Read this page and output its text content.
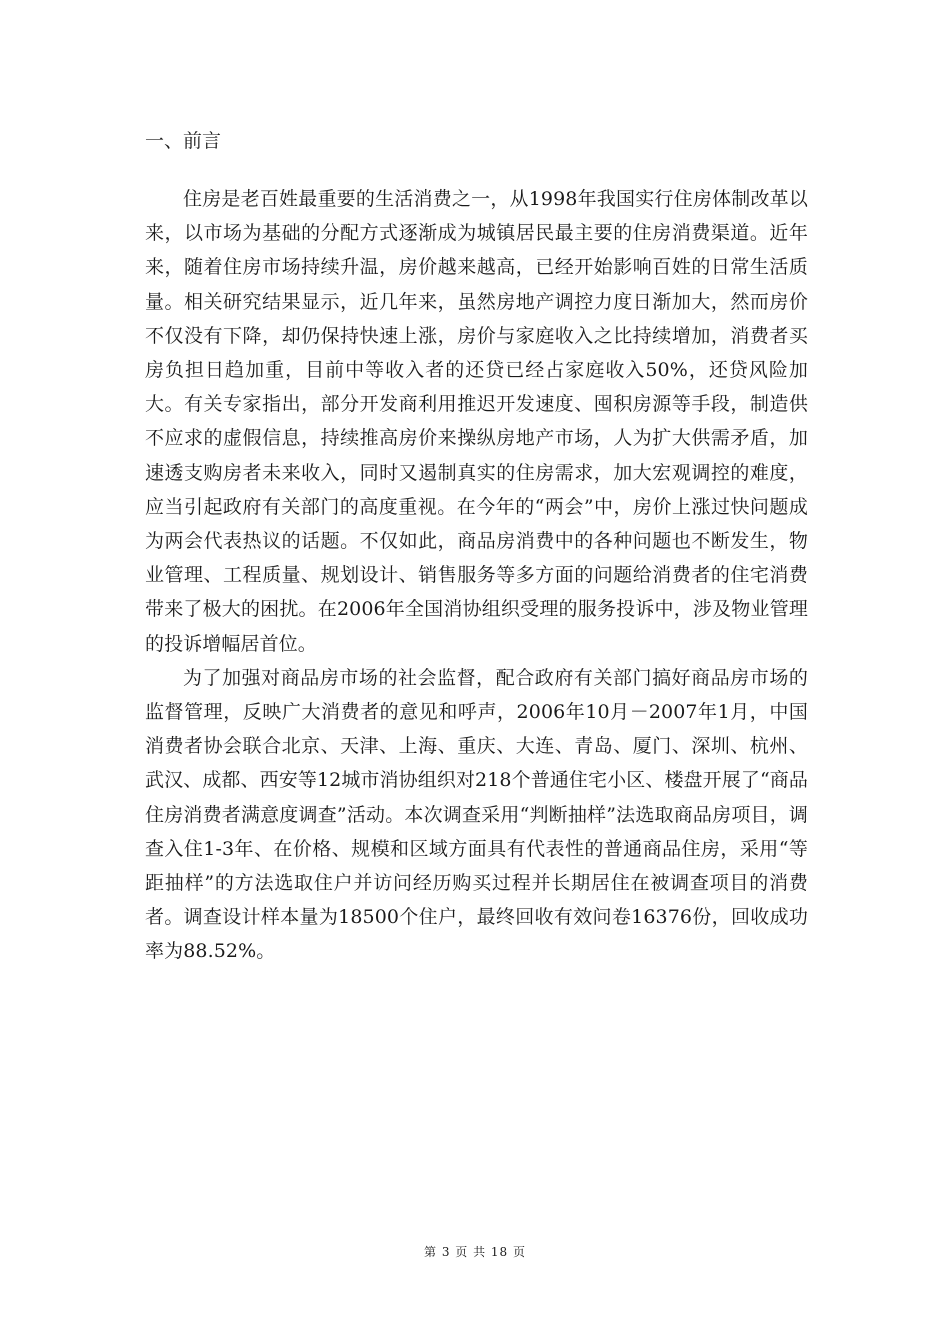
一、前言

住房是老百姓最重要的生活消费之一，从1998年我国实行住房体制改革以来，以市场为基础的分配方式逐渐成为城镇居民最主要的住房消费渠道。近年来，随着住房市场持续升温，房价越来越高，已经开始影响百姓的日常生活质量。相关研究结果显示，近几年来，虽然房地产调控力度日渐加大，然而房价不仅没有下降，却仍保持快速上涨，房价与家庭收入之比持续增加，消费者买房负担日趋加重，目前中等收入者的还贷已经占家庭收入50%，还贷风险加大。有关专家指出，部分开发商利用推迟开发速度、囤积房源等手段，制造供不应求的虚假信息，持续推高房价来操纵房地产市场，人为扩大供需矛盾，加速透支购房者未来收入，同时又遏制真实的住房需求，加大宏观调控的难度，应当引起政府有关部门的高度重视。在今年的“两会”中，房价上涨过快问题成为两会代表热议的话题。不仅如此，商品房消费中的各种问题也不断发生，物业管理、工程质量、规划设计、销售服务等多方面的问题给消费者的住宅消费带来了极大的困扰。在2006年全国消协组织受理的服务投诉中，涉及物业管理的投诉增幅居首位。

为了加强对商品房市场的社会监督，配合政府有关部门搞好商品房市场的监督管理，反映广大消费者的意见和呼声，2006年10月－2007年1月，中国消费者协会联合北京、天津、上海、重庆、大连、青岛、厦门、深圳、杭州、武汉、成都、西安等12城市消协组织对218个普通住宅小区、楼盘开展了“商品住房消费者满意度调查”活动。本次调查采用“判断抽样”法选取商品房项目，调查入住1-3年、在价格、规模和区域方面具有代表性的普通商品住房，采用“等距抽样”的方法选取住户并访问经历购买过程并长期居住在被调查项目的消费者。调查设计样本量为18500个住户，最终回收有效问卷16376份，回收成功率为88.52%。

第 3 页 共 18 页
